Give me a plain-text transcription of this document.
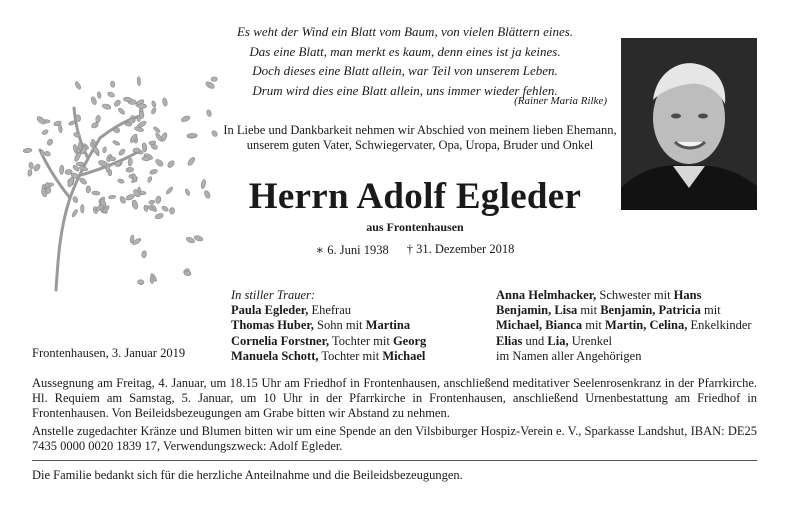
Es weht der Wind ein Blatt vom Baum, von vielen Blättern eines.
Das eine Blatt, man merkt es kaum, denn eines ist ja keines.
Doch dieses eine Blatt allein, war Teil von unserem Leben.
Drum wird dies eine Blatt allein, uns immer wieder fehlen.
(Rainer Maria Rilke)
In Liebe und Dankbarkeit nehmen wir Abschied von meinem lieben Ehemann, unserem guten Vater, Schwiegervater, Opa, Uropa, Bruder und Onkel
Herrn Adolf Egleder
aus Frontenhausen
∗ 6. Juni 1938 † 31. Dezember 2018
Frontenhausen, 3. Januar 2019
In stiller Trauer:
Paula Egleder, Ehefrau
Thomas Huber, Sohn mit Martina
Cornelia Forstner, Tochter mit Georg
Manuela Schott, Tochter mit Michael
Anna Helmhacker, Schwester mit Hans
Benjamin, Lisa mit Benjamin, Patricia mit
Michael, Bianca mit Martin, Celina, Enkelkinder
Elias und Lia, Urenkel
im Namen aller Angehörigen
Aussegnung am Freitag, 4. Januar, um 18.15 Uhr am Friedhof in Frontenhausen, anschließend meditativer Seelenrosenkranz in der Pfarrkirche. Hl. Requiem am Samstag, 5. Januar, um 10 Uhr in der Pfarrkirche in Frontenhausen, anschließend Urnenbestattung am Friedhof in Frontenhausen. Von Beileidsbezeugungen am Grabe bitten wir Abstand zu nehmen.
Anstelle zugedachter Kränze und Blumen bitten wir um eine Spende an den Vilsbiburger Hospiz-Verein e. V., Sparkasse Landshut, IBAN: DE25 7435 0000 0020 1839 17, Verwendungszweck: Adolf Egleder.
Die Familie bedankt sich für die herzliche Anteilnahme und die Beileidsbezeugungen.
